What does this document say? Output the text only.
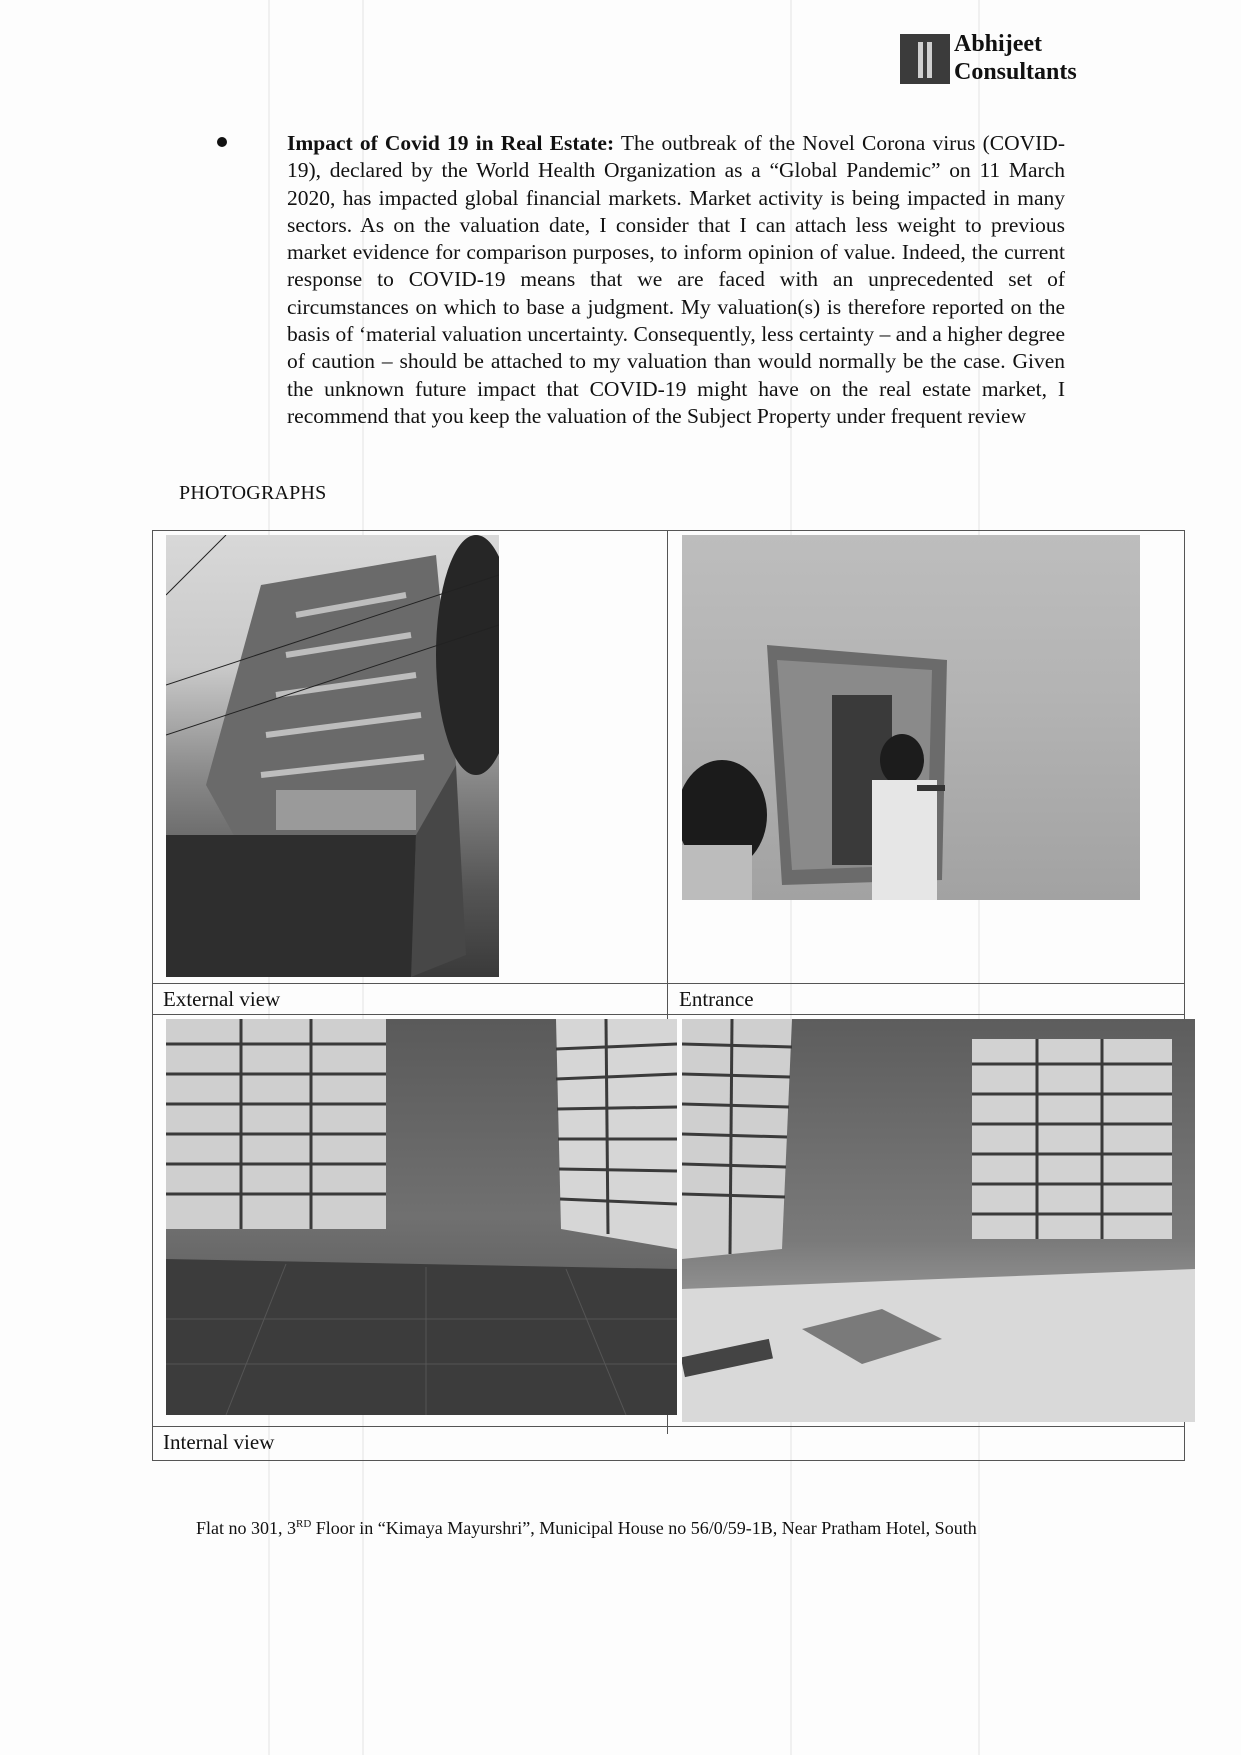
Abhijeet
Consultants

Impact of Covid 19 in Real Estate: The outbreak of the Novel Corona virus (COVID-19), declared by the World Health Organization as a “Global Pandemic” on 11 March 2020, has impacted global financial markets. Market activity is being impacted in many sectors. As on the valuation date, I consider that I can attach less weight to previous market evidence for comparison purposes, to inform opinion of value. Indeed, the current response to COVID-19 means that we are faced with an unprecedented set of circumstances on which to base a judgment. My valuation(s) is therefore reported on the basis of ‘material valuation uncertainty. Consequently, less certainty – and a higher degree of caution – should be attached to my valuation than would normally be the case. Given the unknown future impact that COVID-19 might have on the real estate market, I recommend that you keep the valuation of the Subject Property under frequent review

PHOTOGRAPHS
External view	Entrance
Internal view
Flat no 301, 3RD Floor in “Kimaya Mayurshri”, Municipal House no 56/0/59-1B, Near Pratham Hotel, South
